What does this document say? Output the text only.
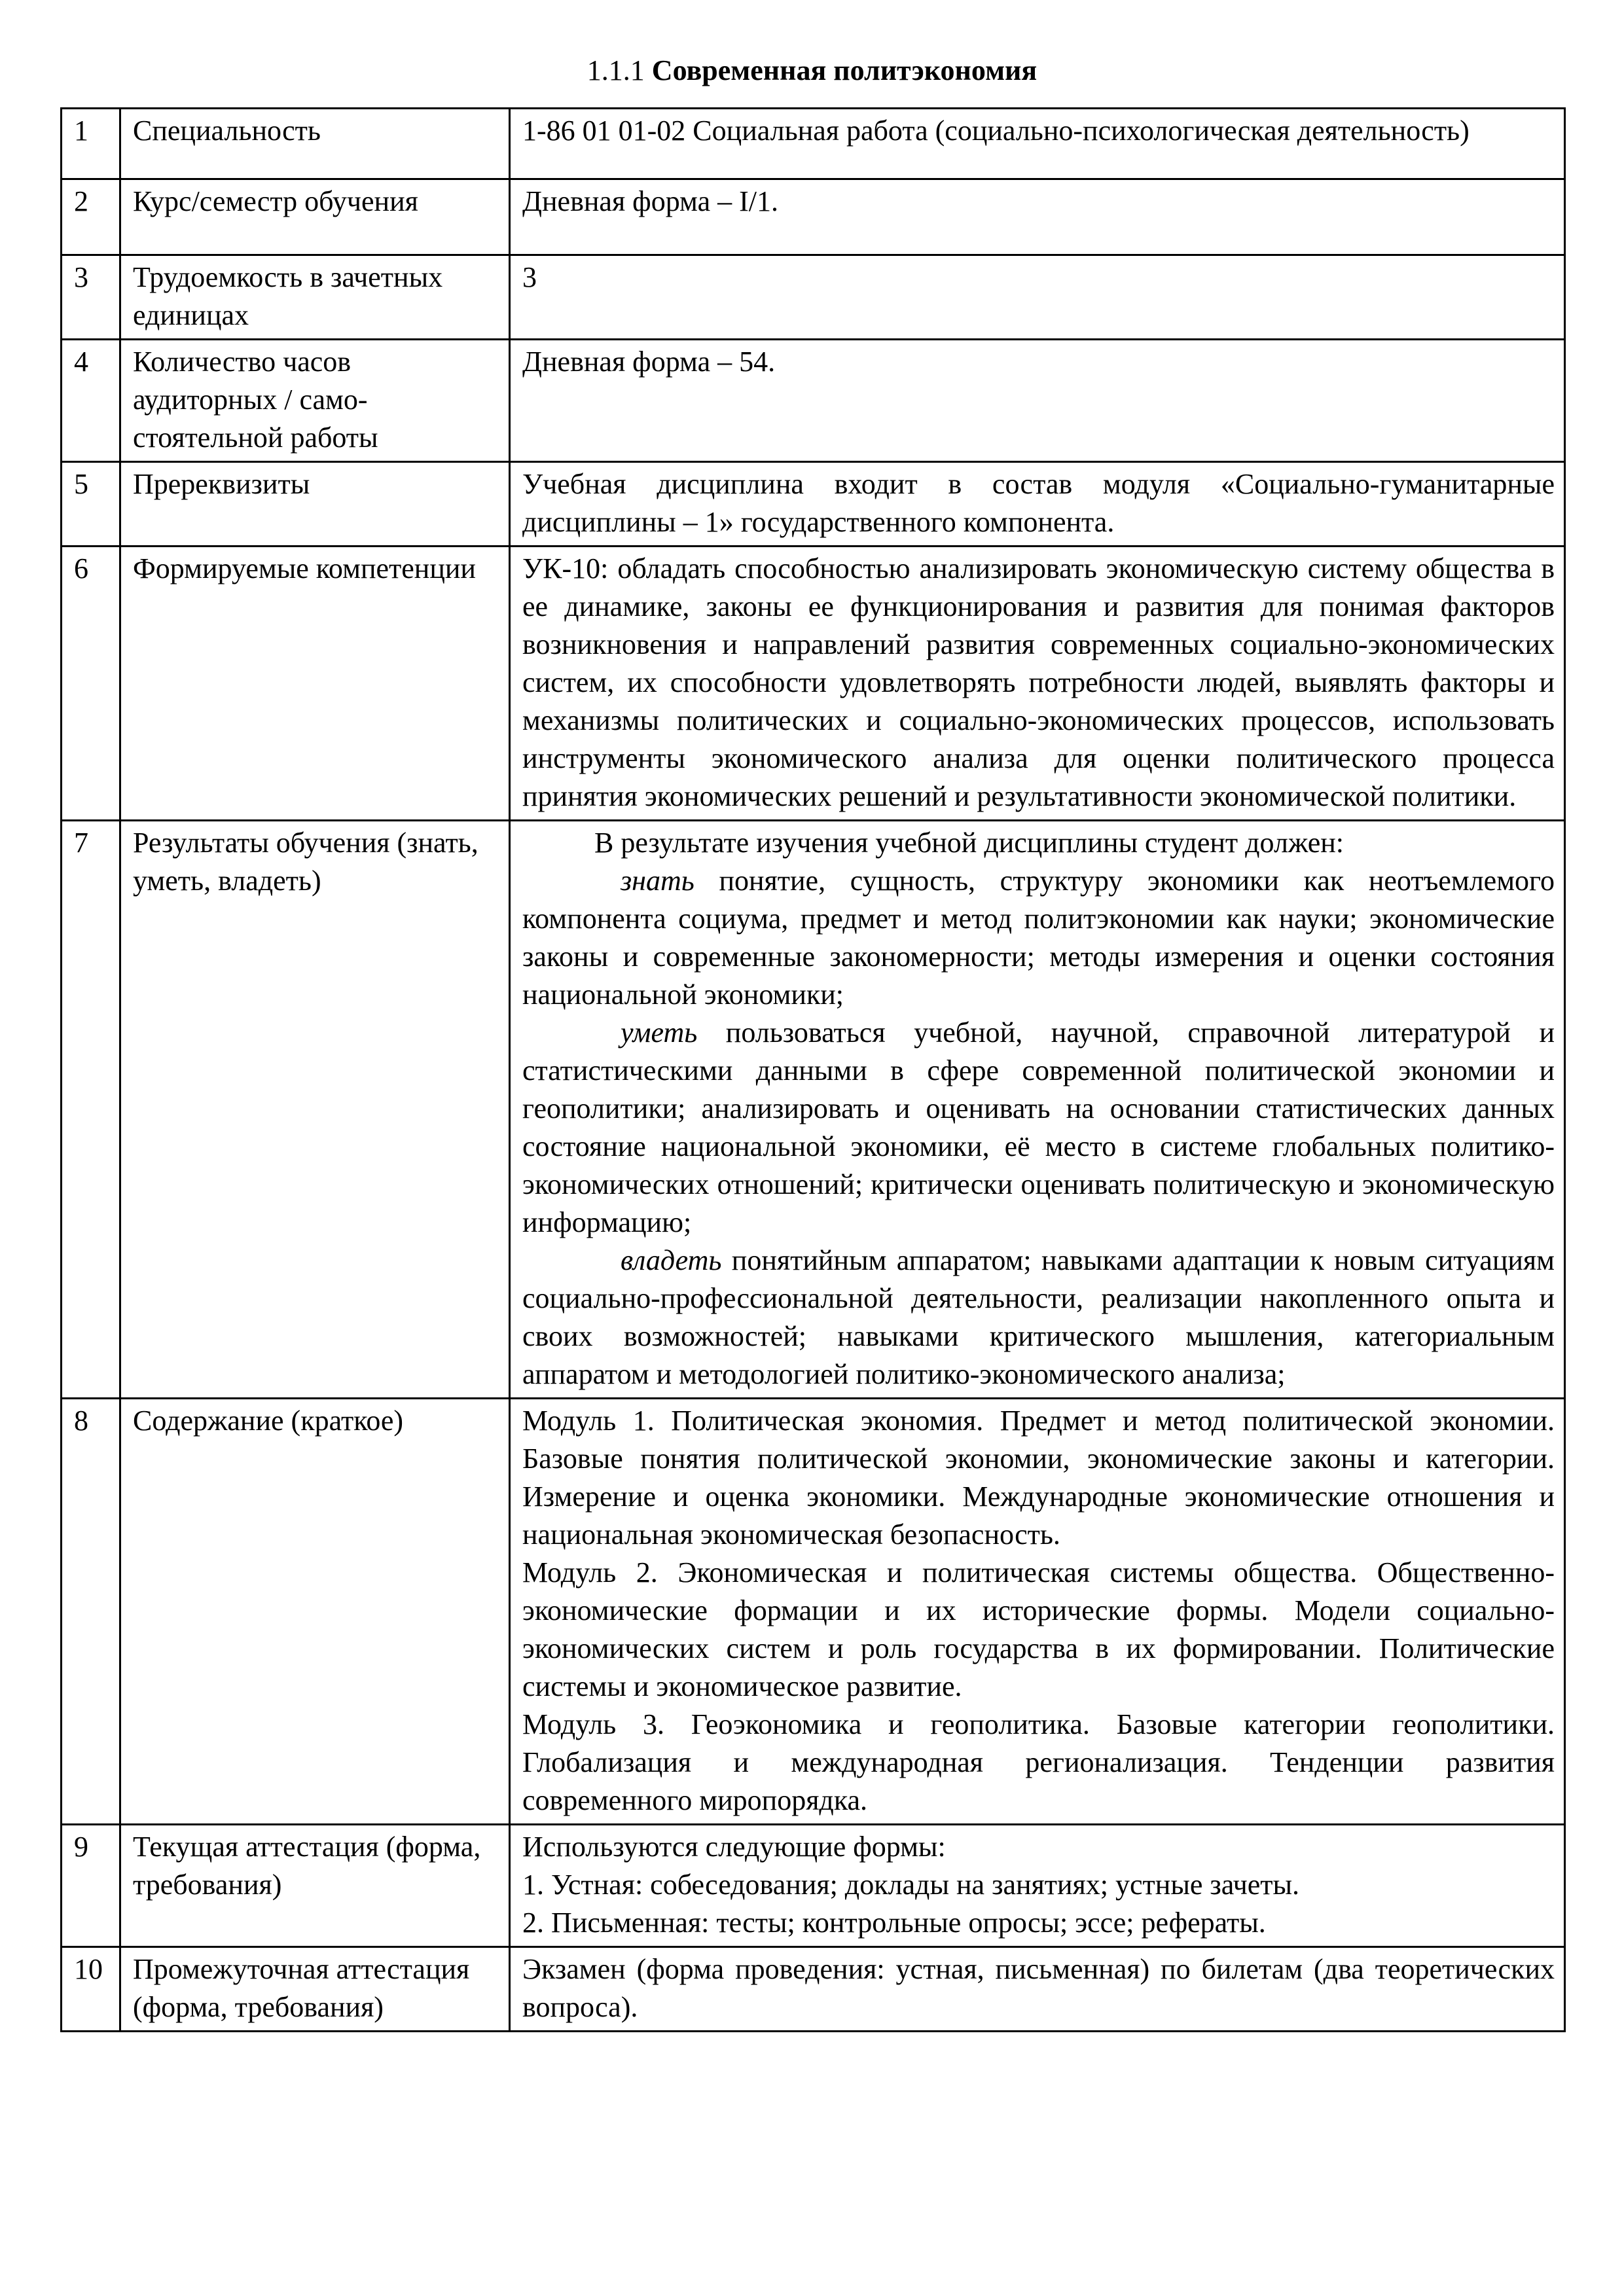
1.1.1 Современная политэкономия
1	Специальность	1-86 01 01-02 Социальная работа (социально-психологическая деятельность)
2	Курс/семестр обучения	Дневная форма – I/1.
3	Трудоемкость в зачетных единицах	3
4	Количество часов аудиторных / само-стоятельной работы	Дневная форма – 54.
5	Пререквизиты	Учебная дисциплина входит в состав модуля «Социально-гуманитарные дисциплины – 1» государственного компонента.
6	Формируемые компетенции	УК-10: обладать способностью анализировать экономическую систему общества в ее динамике, законы ее функционирования и развития для понимая факторов возникновения и направлений развития современных социально-экономических систем, их способности удовлетворять потребности людей, выявлять факторы и механизмы политических и социально-экономических процессов, использовать инструменты экономического анализа для оценки политического процесса принятия экономических решений и результативности экономической политики.
7	Результаты обучения (знать, уметь, владеть)	В результате изучения учебной дисциплины студент должен:

знать понятие, сущность, структуру экономики как неотъемлемого компонента социума, предмет и метод политэкономии как науки; экономические законы и современные закономерности; методы измерения и оценки состояния национальной экономики;

уметь пользоваться учебной, научной, справочной литературой и статистическими данными в сфере современной политической экономии и геополитики; анализировать и оценивать на основании статистических данных состояние национальной экономики, её место в системе глобальных политико-экономических отношений; критически оценивать политическую и экономическую информацию;

владеть понятийным аппаратом; навыками адаптации к новым ситуациям социально-профессиональной деятельности, реализации накопленного опыта и своих возможностей; навыками критического мышления, категориальным аппаратом и методологией политико-экономического анализа;

8	Содержание (краткое)	Модуль 1. Политическая экономия. Предмет и метод политической экономии. Базовые понятия политической экономии, экономические законы и категории. Измерение и оценка экономики. Международные экономические отношения и национальная экономическая безопасность.

Модуль 2. Экономическая и политическая системы общества. Общественно-экономические формации и их исторические формы. Модели социально-экономических систем и роль государства в их формировании. Политические системы и экономическое развитие.

Модуль 3. Геоэкономика и геополитика. Базовые категории геополитики. Глобализация и международная регионализация. Тенденции развития современного миропорядка.

9	Текущая аттестация (форма, требования)	Используются следующие формы:

1. Устная: собеседования; доклады на занятиях; устные зачеты.

2. Письменная: тесты; контрольные опросы; эссе; рефераты.

10	Промежуточная аттестация (форма, требования)	Экзамен (форма проведения: устная, письменная) по билетам (два теоретических вопроса).
